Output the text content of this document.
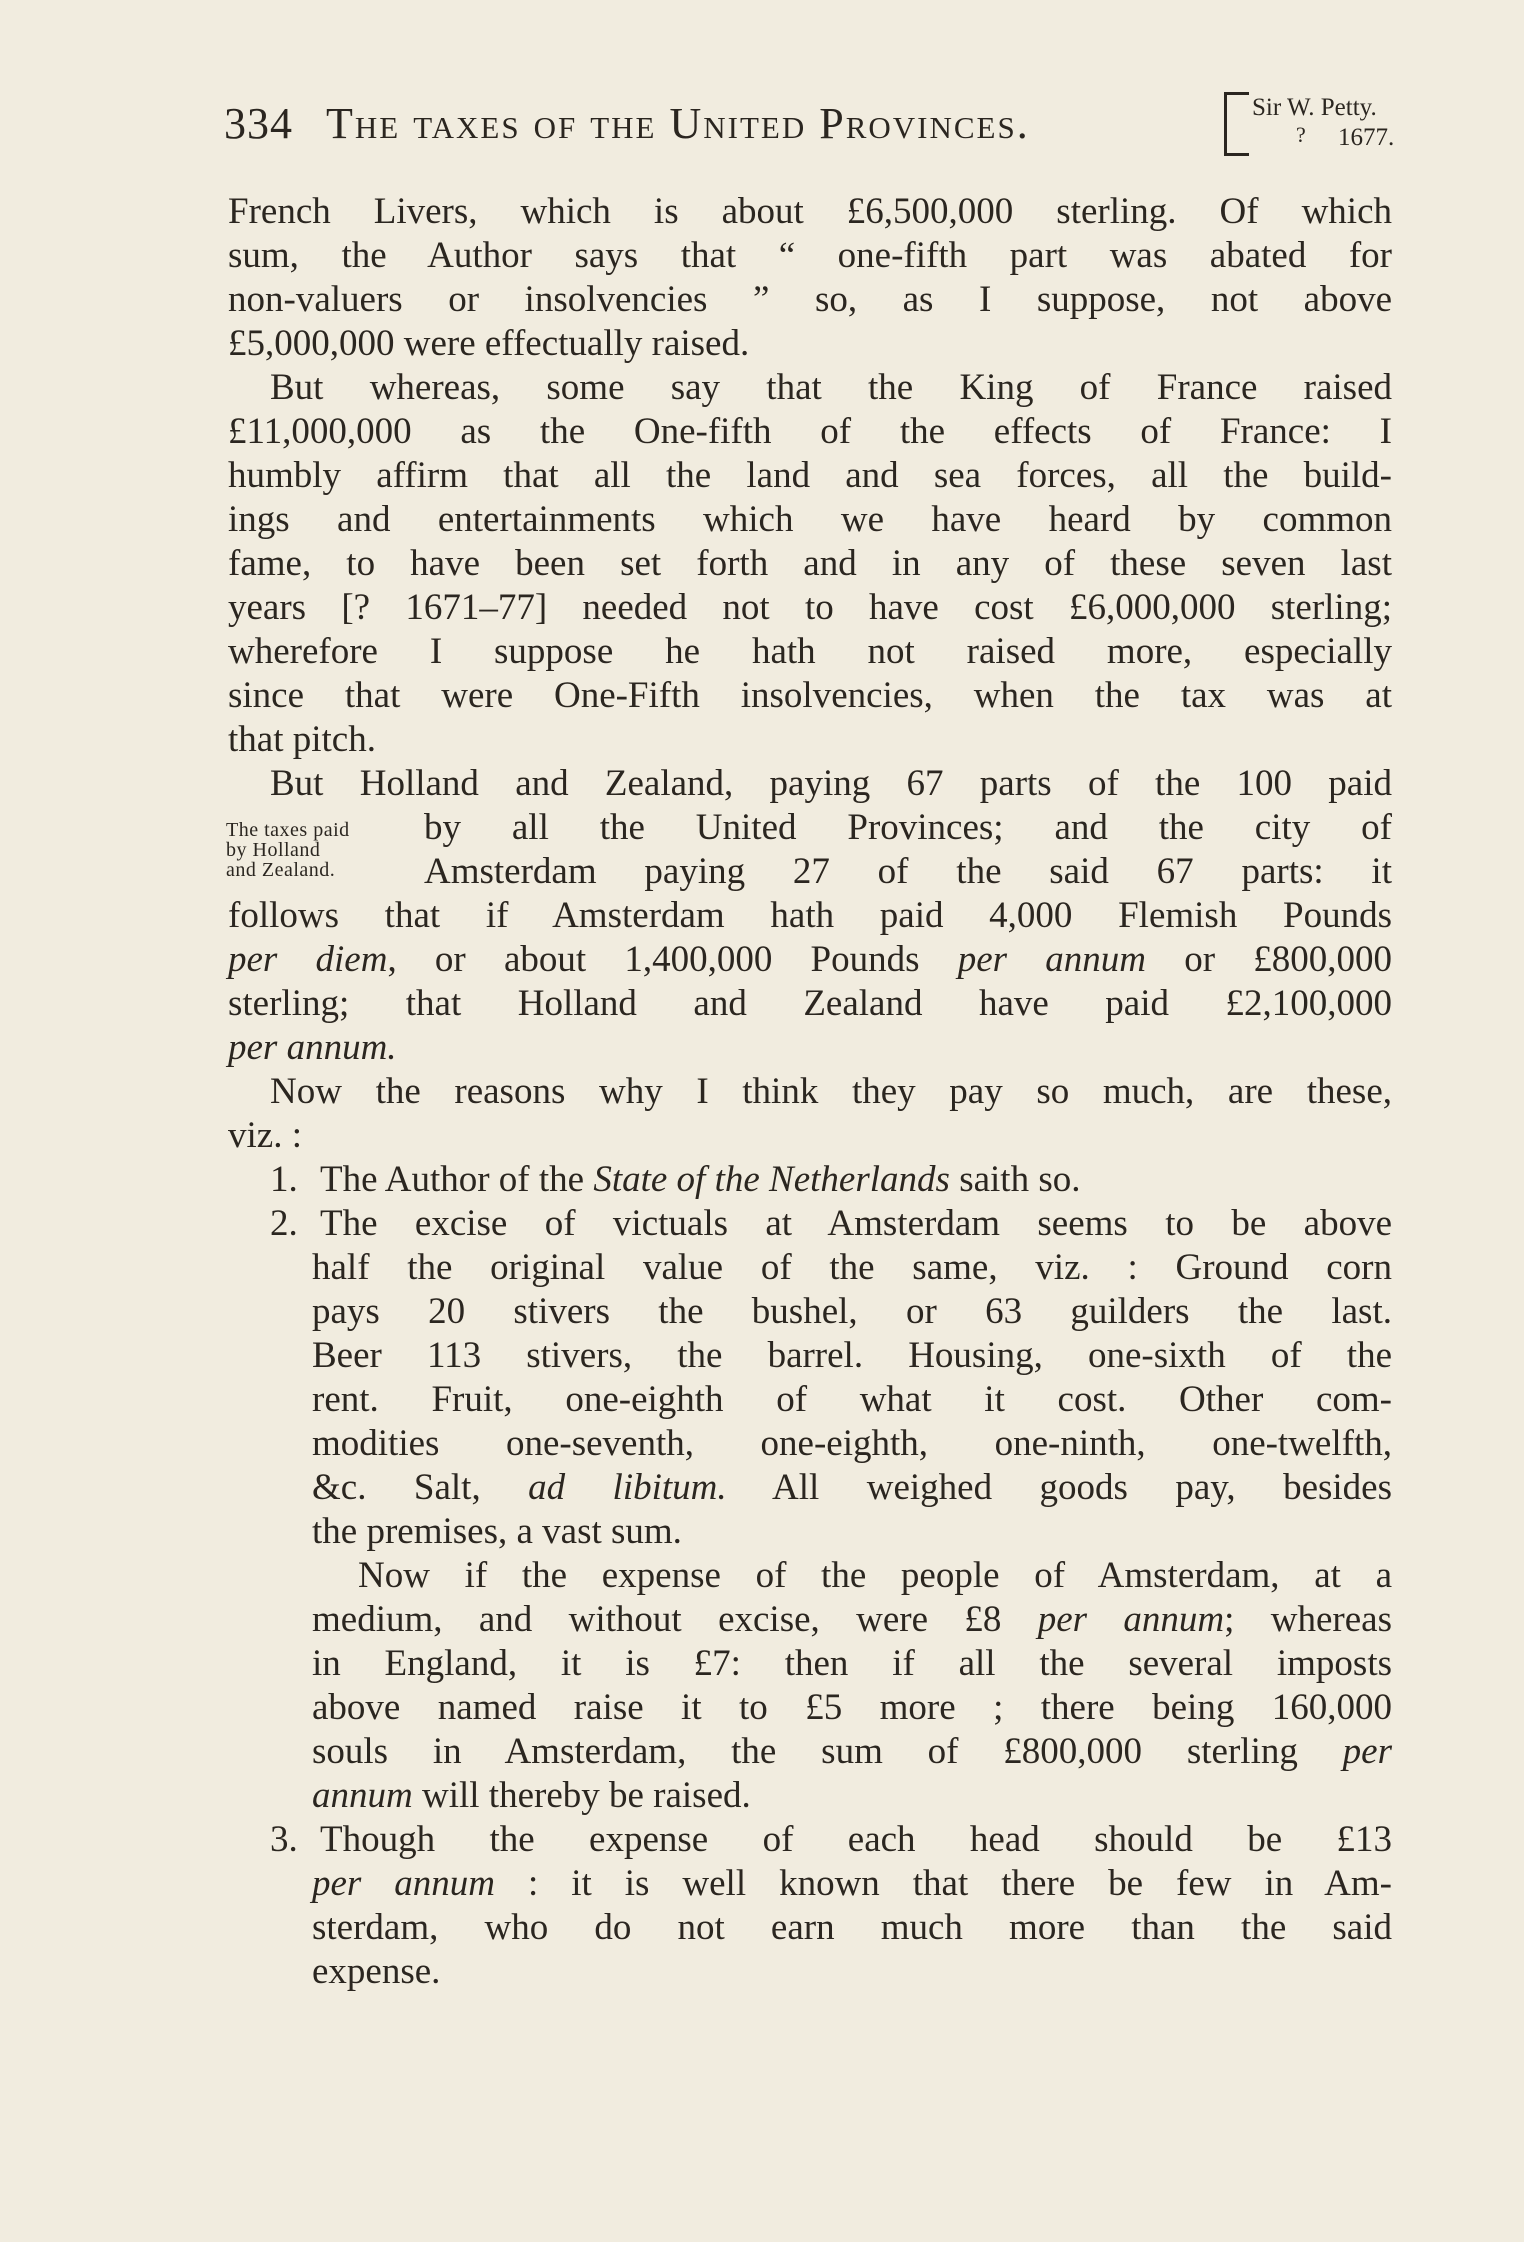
334 The taxes of the United Provinces.	Sir W. Petty.
? 1677.
The taxes paid
by Holland
and Zealand.
French Livers, which is about £6,500,000 sterling. Of which
sum, the Author says that “ one-fifth part was abated for
non-valuers or insolvencies ” so, as I suppose, not above
£5,000,000 were effectually raised.
But whereas, some say that the King of France raised
£11,000,000 as the One-fifth of the effects of France: I
humbly affirm that all the land and sea forces, all the build-
ings and entertainments which we have heard by common
fame, to have been set forth and in any of these seven last
years [? 1671–77] needed not to have cost £6,000,000 sterling;
wherefore I suppose he hath not raised more, especially
since that were One-Fifth insolvencies, when the tax was at
that pitch.
But Holland and Zealand, paying 67 parts of the 100 paid
by all the United Provinces; and the city of
Amsterdam paying 27 of the said 67 parts: it
follows that if Amsterdam hath paid 4,000 Flemish Pounds
per diem, or about 1,400,000 Pounds per annum or £800,000
sterling; that Holland and Zealand have paid £2,100,000
per annum.
Now the reasons why I think they pay so much, are these,
viz. :
1. The Author of the State of the Netherlands saith so.
2. The excise of victuals at Amsterdam seems to be above
half the original value of the same, viz. : Ground corn
pays 20 stivers the bushel, or 63 guilders the last.
Beer 113 stivers, the barrel. Housing, one-sixth of the
rent. Fruit, one-eighth of what it cost. Other com-
modities one-seventh, one-eighth, one-ninth, one-twelfth,
&c. Salt, ad libitum. All weighed goods pay, besides
the premises, a vast sum.
Now if the expense of the people of Amsterdam, at a
medium, and without excise, were £8 per annum; whereas
in England, it is £7: then if all the several imposts
above named raise it to £5 more ; there being 160,000
souls in Amsterdam, the sum of £800,000 sterling per
annum will thereby be raised.
3. Though the expense of each head should be £13
per annum : it is well known that there be few in Am-
sterdam, who do not earn much more than the said
expense.
